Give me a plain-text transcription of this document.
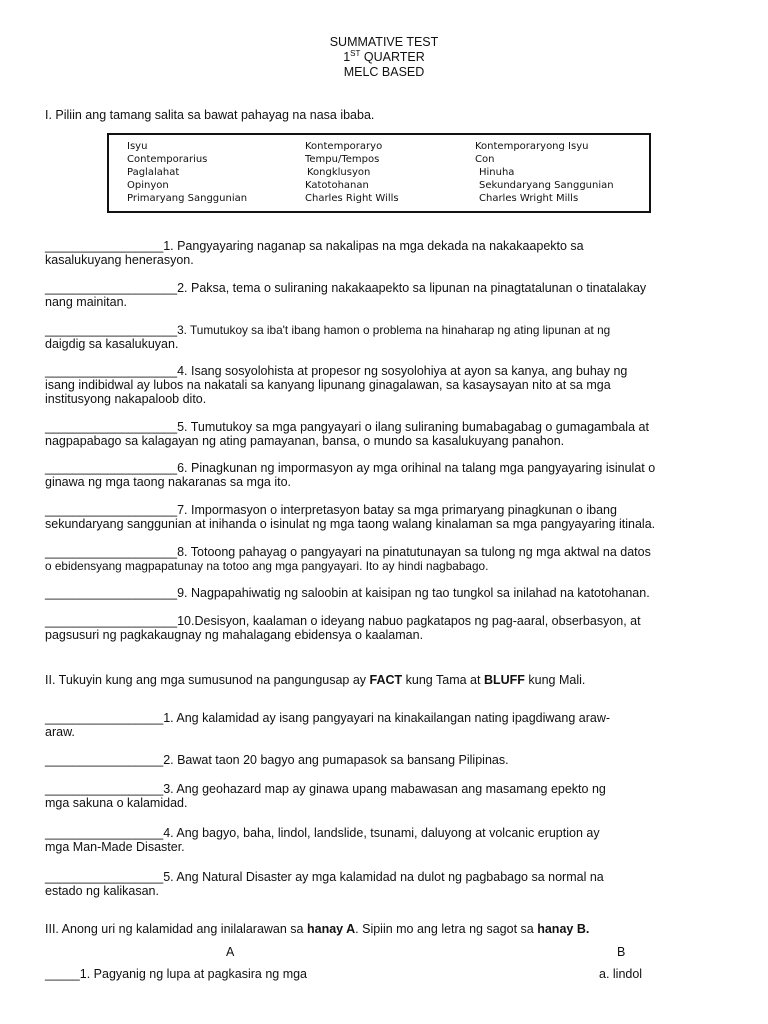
SUMMATIVE TEST
1ST QUARTER
MELC BASED
I. Piliin ang tamang salita sa bawat pahayag na nasa ibaba.
Isyu	Kontemporaryo	Kontemporaryong Isyu
Contemporarius	Tempu/Tempos	Con
Paglalahat	Kongklusyon	Hinuha
Opinyon	Katotohanan	Sekundaryang Sanggunian
Primaryang Sanggunian	Charles Right Wills	Charles Wright Mills
_________________1. Pangyayaring naganap sa nakalipas na mga dekada na nakakaapekto sa
kasalukuyang henerasyon.
___________________2. Paksa, tema o suliraning nakakaapekto sa lipunan na pinagtatalunan o tinatalakay
nang mainitan.
___________________3. Tumutukoy sa iba't ibang hamon o problema na hinaharap ng ating lipunan at ng
daigdig sa kasalukuyan.
___________________4. Isang sosyolohista at propesor ng sosyolohiya at ayon sa kanya, ang buhay ng
isang indibidwal ay lubos na nakatali sa kanyang lipunang ginagalawan, sa kasaysayan nito at sa mga
institusyong nakapaloob dito.
___________________5. Tumutukoy sa mga pangyayari o ilang suliraning bumabagabag o gumagambala at
nagpapabago sa kalagayan ng ating pamayanan, bansa, o mundo sa kasalukuyang panahon.
___________________6. Pinagkunan ng impormasyon ay mga orihinal na talang mga pangyayaring isinulat o
ginawa ng mga taong nakaranas sa mga ito.
___________________7. Impormasyon o interpretasyon batay sa mga primaryang pinagkunan o ibang
sekundaryang sanggunian at inihanda o isinulat ng mga taong walang kinalaman sa mga pangyayaring itinala.
___________________8. Totoong pahayag o pangyayari na pinatutunayan sa tulong ng mga aktwal na datos
o ebidensyang magpapatunay na totoo ang mga pangyayari. Ito ay hindi nagbabago.
___________________9. Nagpapahiwatig ng saloobin at kaisipan ng tao tungkol sa inilahad na katotohanan.
___________________10.Desisyon, kaalaman o ideyang nabuo pagkatapos ng pag-aaral, obserbasyon, at
pagsusuri ng pagkakaugnay ng mahalagang ebidensya o kaalaman.
II. Tukuyin kung ang mga sumusunod na pangungusap ay FACT kung Tama at BLUFF kung Mali.
_________________1. Ang kalamidad ay isang pangyayari na kinakailangan nating ipagdiwang araw-
araw.
_________________2. Bawat taon 20 bagyo ang pumapasok sa bansang Pilipinas.
_________________3. Ang geohazard map ay ginawa upang mabawasan ang masamang epekto ng
mga sakuna o kalamidad.
_________________4. Ang bagyo, baha, lindol, landslide, tsunami, daluyong at volcanic eruption ay
mga Man-Made Disaster.
_________________5. Ang Natural Disaster ay mga kalamidad na dulot ng pagbabago sa normal na
estado ng kalikasan.
III. Anong uri ng kalamidad ang inilalarawan sa hanay A. Sipiin mo ang letra ng sagot sa hanay B.
A	B
_____1. Pagyanig ng lupa at pagkasira ng mga	a. lindol
